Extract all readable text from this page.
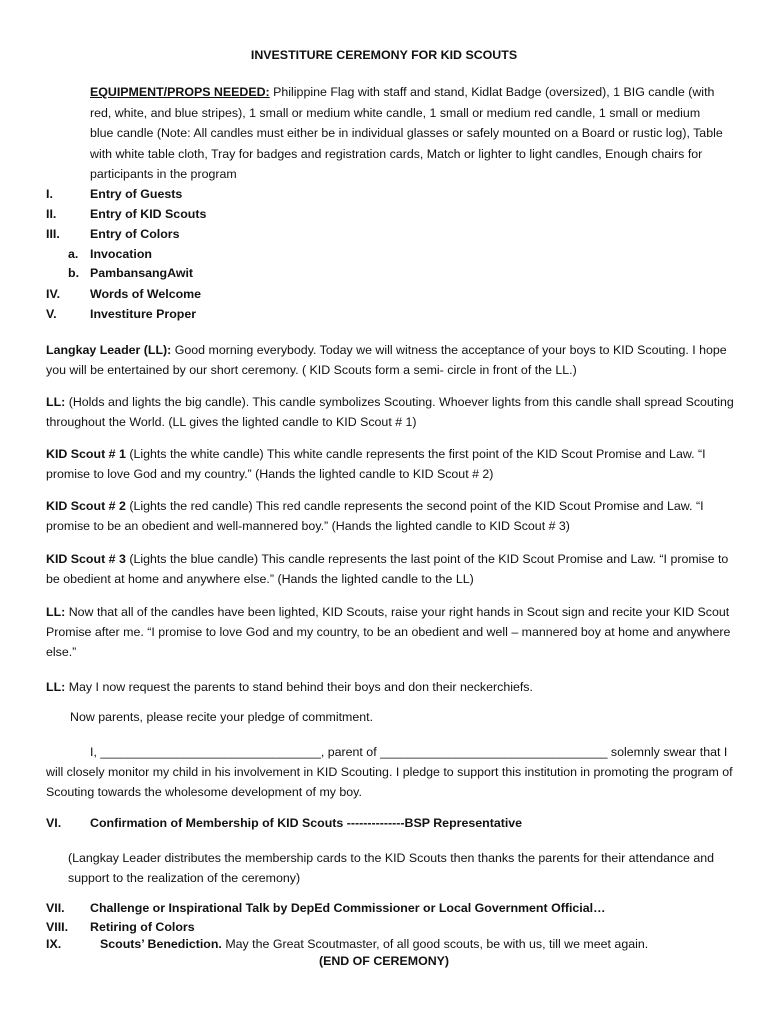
INVESTITURE CEREMONY FOR KID SCOUTS
EQUIPMENT/PROPS NEEDED: Philippine Flag with staff and stand, Kidlat Badge (oversized), 1 BIG candle (with red, white, and blue stripes), 1 small or medium white candle, 1 small or medium red candle, 1 small or medium blue candle (Note: All candles must either be in individual glasses or safely mounted on a Board or rustic log), Table with white table cloth, Tray for badges and registration cards, Match or lighter to light candles, Enough chairs for participants in the program
I.	Entry of Guests
II.	Entry of KID Scouts
III. Entry of Colors
a. Invocation
b. PambansangAwit
IV. Words of Welcome
V.	Investiture Proper
Langkay Leader (LL): Good morning everybody. Today we will witness the acceptance of your boys to KID Scouting. I hope you will be entertained by our short ceremony. ( KID Scouts form a semi- circle in front of the LL.)
LL: (Holds and lights the big candle). This candle symbolizes Scouting. Whoever lights from this candle shall spread Scouting throughout the World. (LL gives the lighted candle to KID Scout # 1)
KID Scout # 1 (Lights the white candle) This white candle represents the first point of the KID Scout Promise and Law. “I promise to love God and my country.” (Hands the lighted candle to KID Scout # 2)
KID Scout # 2 (Lights the red candle) This red candle represents the second point of the KID Scout Promise and Law. “I promise to be an obedient and well-mannered boy.” (Hands the lighted candle to KID Scout # 3)
KID Scout # 3 (Lights the blue candle) This candle represents the last point of the KID Scout Promise and Law. “I promise to be obedient at home and anywhere else.” (Hands the lighted candle to the LL)
LL: Now that all of the candles have been lighted, KID Scouts, raise your right hands in Scout sign and recite your KID Scout Promise after me. “I promise to love God and my country, to be an obedient and well – mannered boy at home and anywhere else.”
LL: May I now request the parents to stand behind their boys and don their neckerchiefs.
Now parents, please recite your pledge of commitment.
I, ________________________________, parent of _________________________________ solemnly swear that I will closely monitor my child in his involvement in KID Scouting. I pledge to support this institution in promoting the program of Scouting towards the wholesome development of my boy.
VI. Confirmation of Membership of KID Scouts --------------BSP Representative
(Langkay Leader distributes the membership cards to the KID Scouts then thanks the parents for their attendance and support to the realization of the ceremony)
VII. Challenge or Inspirational Talk by DepEd Commissioner or Local Government Official…
VIII. Retiring of Colors
IX.	Scouts’ Benediction. May the Great Scoutmaster, of all good scouts, be with us, till we meet again.
(END OF CEREMONY)
